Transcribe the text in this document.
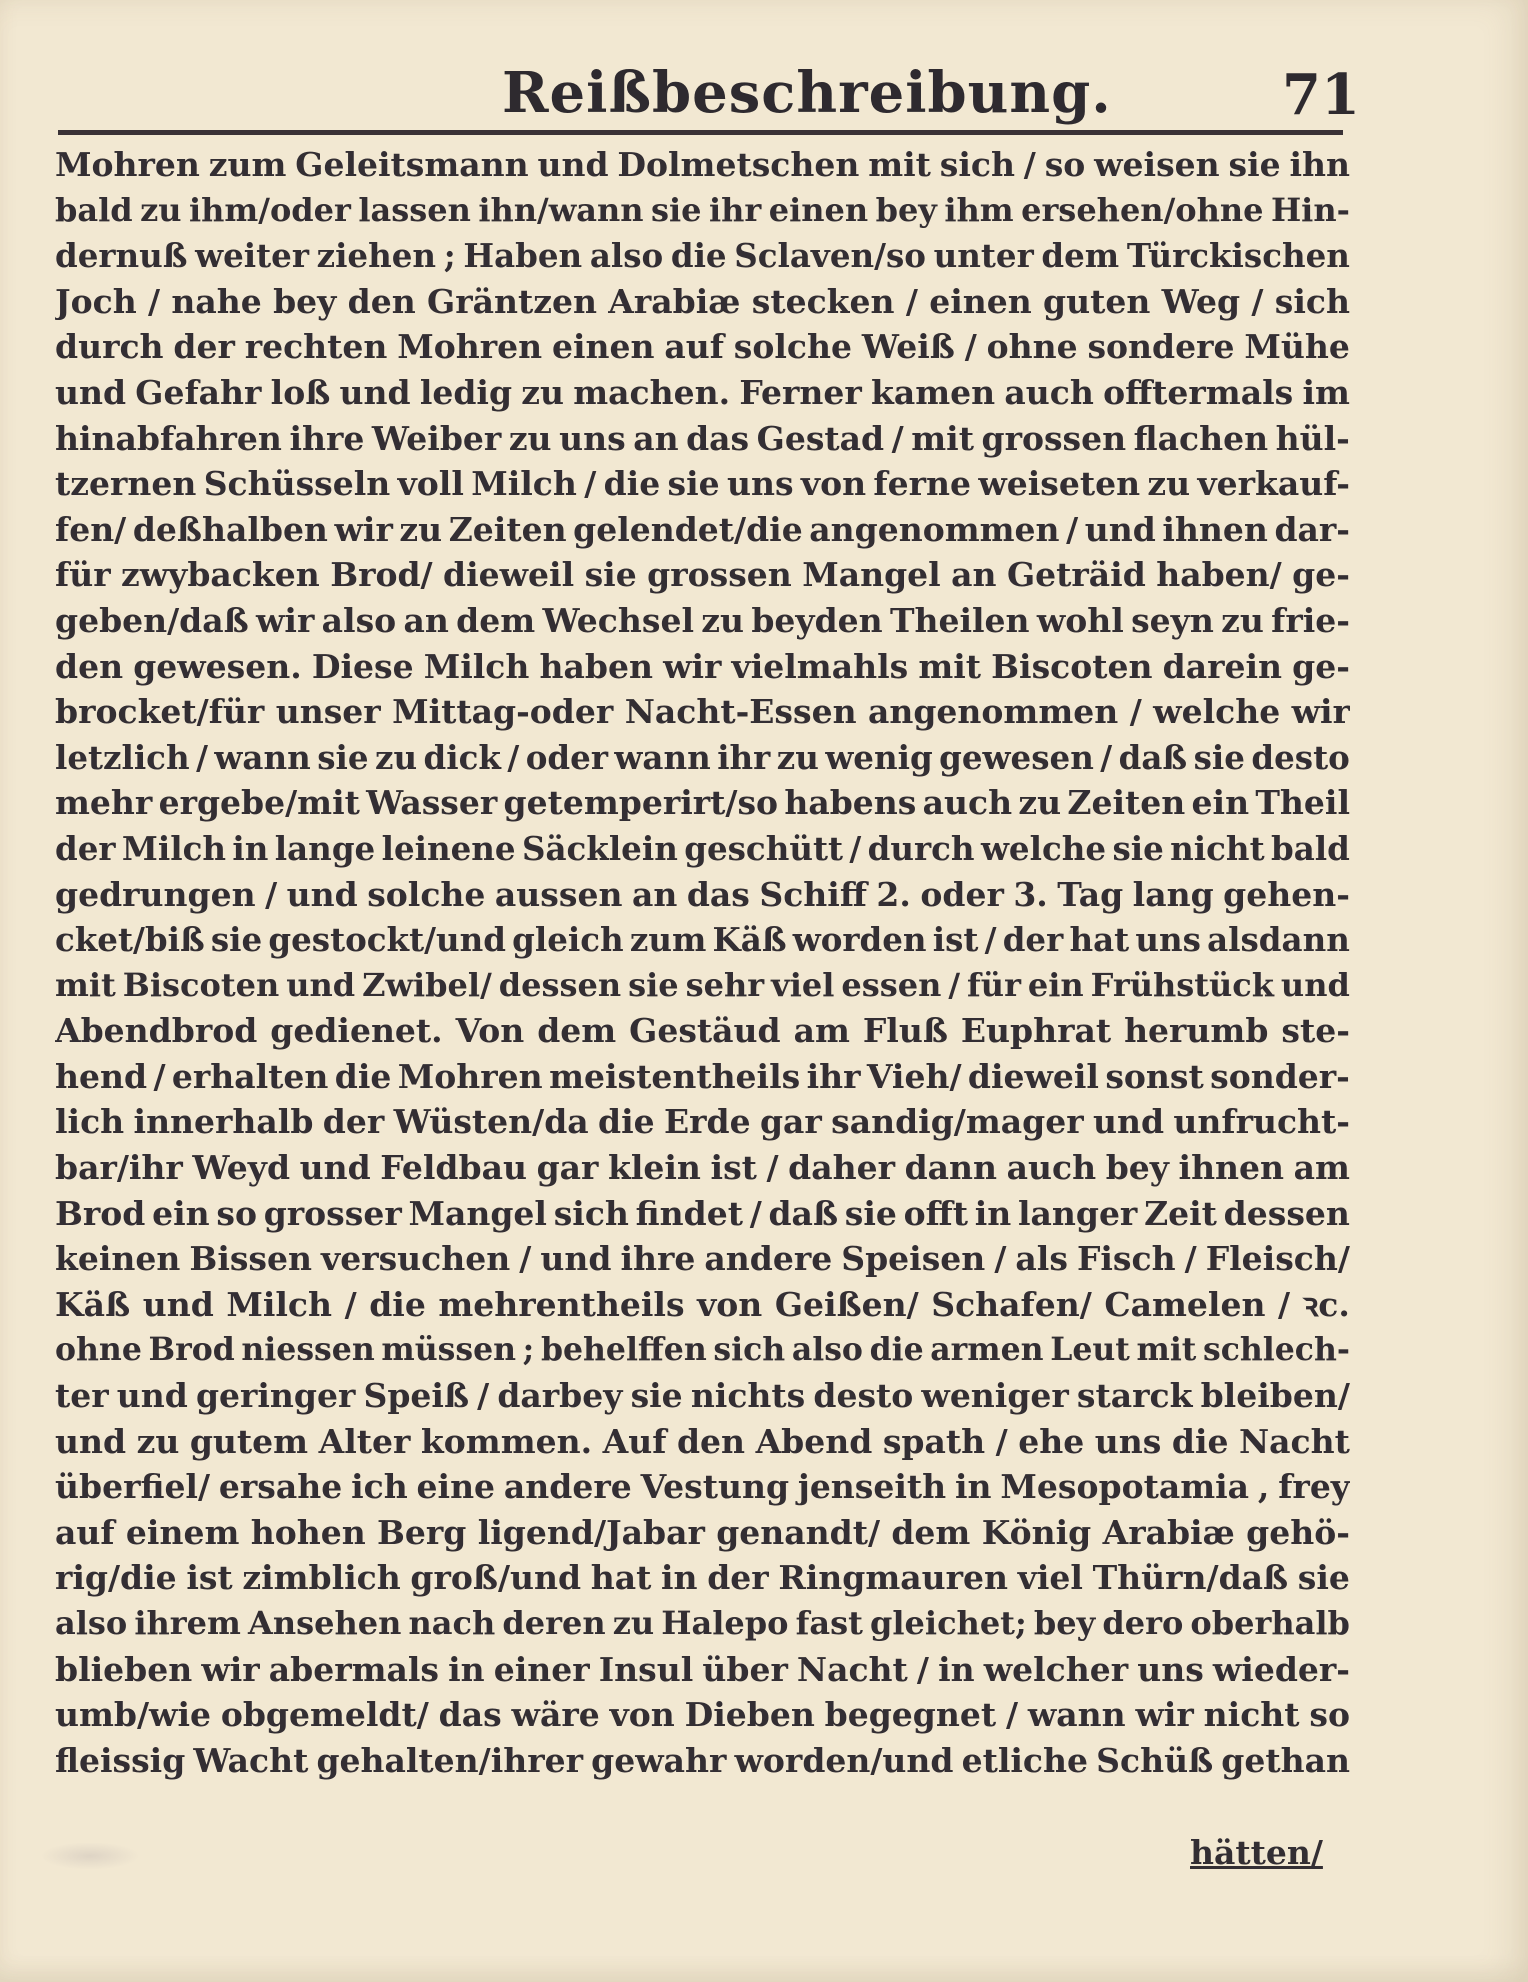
Reißbeschreibung.	71
Mohren zum Geleitsmann und Dolmetschen mit sich / so weisen sie ihn
bald zu ihm/oder lassen ihn/wann sie ihr einen bey ihm ersehen/ohne Hin-
dernuß weiter ziehen ; Haben also die Sclaven/so unter dem Türckischen
Joch / nahe bey den Gräntzen Arabiæ stecken / einen guten Weg / sich
durch der rechten Mohren einen auf solche Weiß / ohne sondere Mühe
und Gefahr loß und ledig zu machen. Ferner kamen auch offtermals im
hinabfahren ihre Weiber zu uns an das Gestad / mit grossen flachen hül-
tzernen Schüsseln voll Milch / die sie uns von ferne weiseten zu verkauf-
fen/ deßhalben wir zu Zeiten gelendet/die angenommen / und ihnen dar-
für zwybacken Brod/ dieweil sie grossen Mangel an Geträid haben/ ge-
geben/daß wir also an dem Wechsel zu beyden Theilen wohl seyn zu frie-
den gewesen. Diese Milch haben wir vielmahls mit Biscoten darein ge-
brocket/für unser Mittag-oder Nacht-Essen angenommen / welche wir
letzlich / wann sie zu dick / oder wann ihr zu wenig gewesen / daß sie desto
mehr ergebe/mit Wasser getemperirt/so habens auch zu Zeiten ein Theil
der Milch in lange leinene Säcklein geschütt / durch welche sie nicht bald
gedrungen / und solche aussen an das Schiff 2. oder 3. Tag lang gehen-
cket/biß sie gestockt/und gleich zum Käß worden ist / der hat uns alsdann
mit Biscoten und Zwibel/ dessen sie sehr viel essen / für ein Frühstück und
Abendbrod gedienet. Von dem Gestäud am Fluß Euphrat herumb ste-
hend / erhalten die Mohren meistentheils ihr Vieh/ dieweil sonst sonder-
lich innerhalb der Wüsten/da die Erde gar sandig/mager und unfrucht-
bar/ihr Weyd und Feldbau gar klein ist / daher dann auch bey ihnen am
Brod ein so grosser Mangel sich findet / daß sie offt in langer Zeit dessen
keinen Bissen versuchen / und ihre andere Speisen / als Fisch / Fleisch/
Käß und Milch / die mehrentheils von Geißen/ Schafen/ Camelen / ꝛc.
ohne Brod niessen müssen ; behelffen sich also die armen Leut mit schlech-
ter und geringer Speiß / darbey sie nichts desto weniger starck bleiben/
und zu gutem Alter kommen. Auf den Abend spath / ehe uns die Nacht
überfiel/ ersahe ich eine andere Vestung jenseith in Mesopotamia , frey
auf einem hohen Berg ligend/Jabar genandt/ dem König Arabiæ gehö-
rig/die ist zimblich groß/und hat in der Ringmauren viel Thürn/daß sie
also ihrem Ansehen nach deren zu Halepo fast gleichet; bey dero oberhalb
blieben wir abermals in einer Insul über Nacht / in welcher uns wieder-
umb/wie obgemeldt/ das wäre von Dieben begegnet / wann wir nicht so
fleissig Wacht gehalten/ihrer gewahr worden/und etliche Schüß gethan
hätten/
